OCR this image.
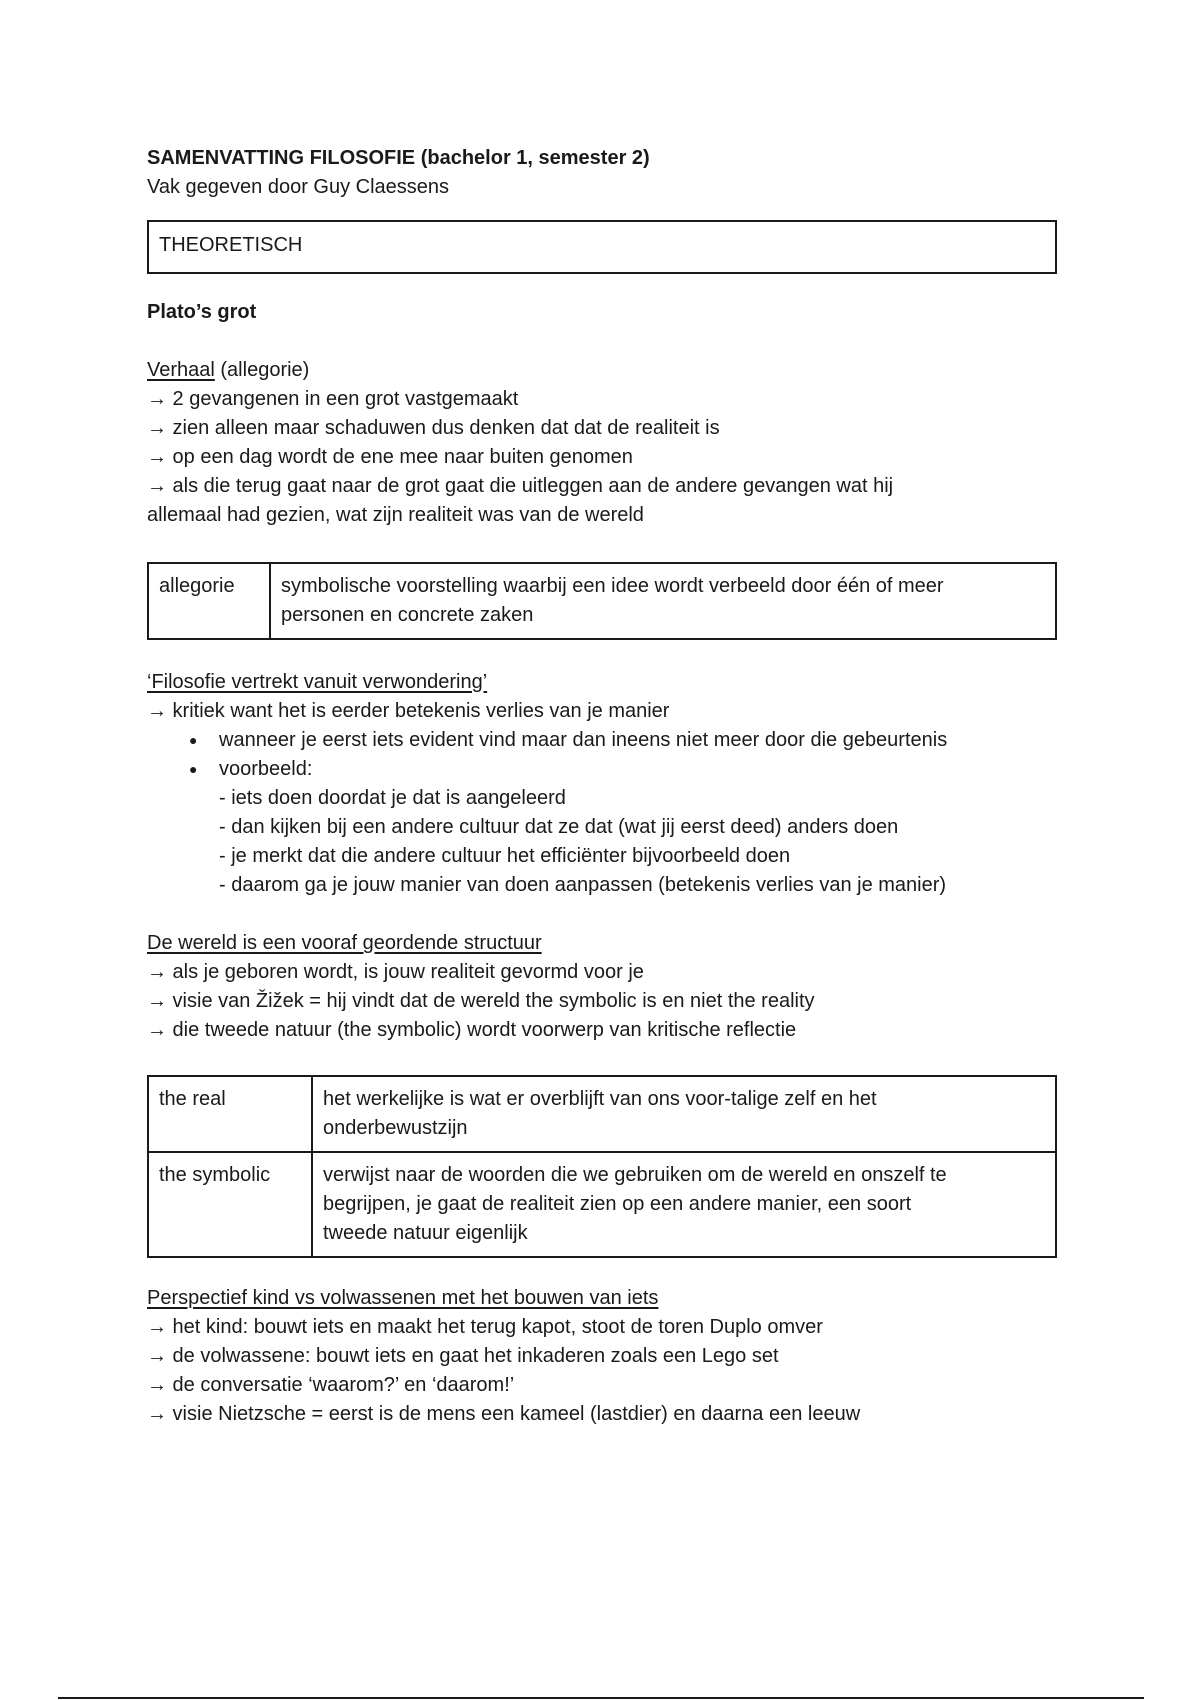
SAMENVATTING FILOSOFIE (bachelor 1, semester 2)
Vak gegeven door Guy Claessens
THEORETISCH
Plato’s grot
Verhaal (allegorie)
→ 2 gevangenen in een grot vastgemaakt
→ zien alleen maar schaduwen dus denken dat dat de realiteit is
→ op een dag wordt de ene mee naar buiten genomen
→ als die terug gaat naar de grot gaat die uitleggen aan de andere gevangen wat hij
allemaal had gezien, wat zijn realiteit was van de wereld
allegorie	symbolische voorstelling waarbij een idee wordt verbeeld door één of meer
personen en concrete zaken
‘Filosofie vertrekt vanuit verwondering’
→ kritiek want het is eerder betekenis verlies van je manier
● wanneer je eerst iets evident vind maar dan ineens niet meer door die gebeurtenis
● voorbeeld:
- iets doen doordat je dat is aangeleerd
- dan kijken bij een andere cultuur dat ze dat (wat jij eerst deed) anders doen
- je merkt dat die andere cultuur het efficiënter bijvoorbeeld doen
- daarom ga je jouw manier van doen aanpassen (betekenis verlies van je manier)
De wereld is een vooraf geordende structuur
→ als je geboren wordt, is jouw realiteit gevormd voor je
→ visie van Žižek = hij vindt dat de wereld the symbolic is en niet the reality
→ die tweede natuur (the symbolic) wordt voorwerp van kritische reflectie
the real	het werkelijke is wat er overblijft van ons voor-talige zelf en het
onderbewustzijn

the symbolic	verwijst naar de woorden die we gebruiken om de wereld en onszelf te
begrijpen, je gaat de realiteit zien op een andere manier, een soort
tweede natuur eigenlijk
Perspectief kind vs volwassenen met het bouwen van iets
→ het kind: bouwt iets en maakt het terug kapot, stoot de toren Duplo omver
→ de volwassene: bouwt iets en gaat het inkaderen zoals een Lego set
→ de conversatie ‘waarom?’ en ‘daarom!’
→ visie Nietzsche = eerst is de mens een kameel (lastdier) en daarna een leeuw
